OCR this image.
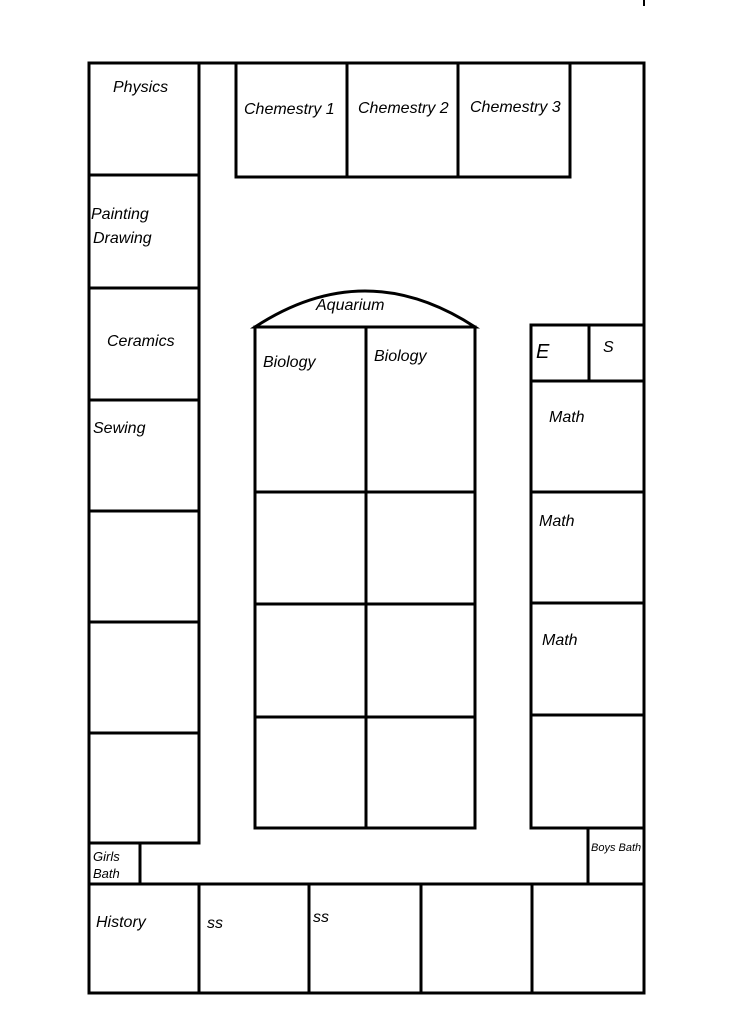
Physics
Painting
Drawing
Ceramics
Sewing
Chemestry 1 Chemestry 2 Chemestry 3
Aquarium
Biology	Biology	E	S
Math
Math
Math
Girls
Bath
Boys Bath
History	ss	ss
